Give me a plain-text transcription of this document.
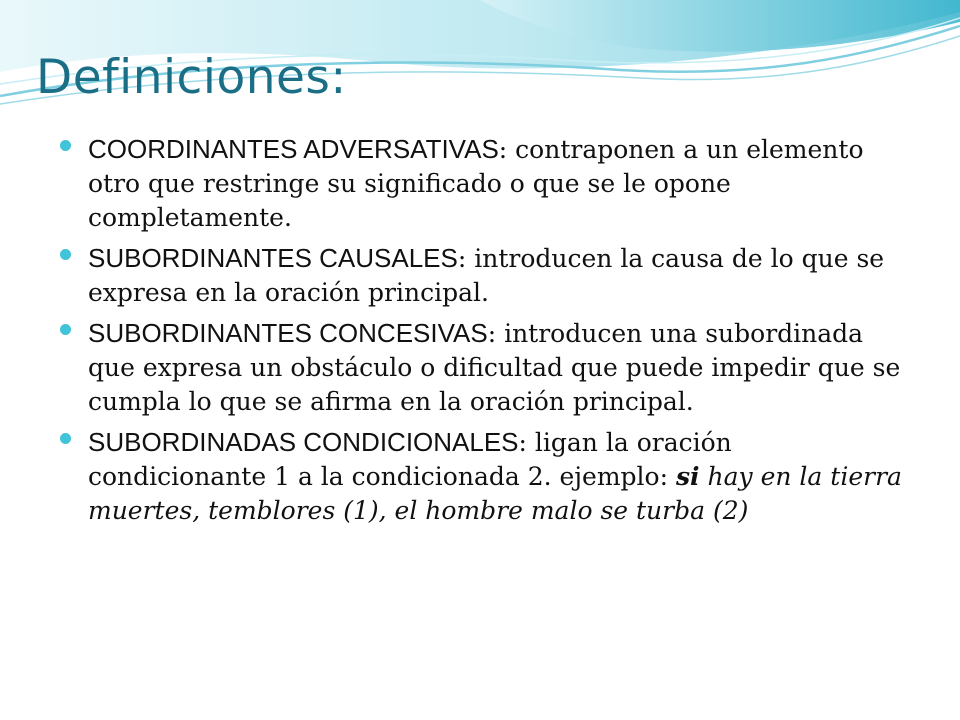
Definiciones:
COORDINANTES ADVERSATIVAS: contraponen a un elemento otro que restringe su significado o que se le opone completamente.
SUBORDINANTES CAUSALES: introducen la causa de lo que se expresa en la oración principal.
SUBORDINANTES CONCESIVAS: introducen una subordinada que expresa un obstáculo o dificultad que puede impedir que se cumpla lo que se afirma en la oración principal.
SUBORDINADAS CONDICIONALES: ligan la oración condicionante 1 a la condicionada 2. ejemplo: si hay en la tierra muertes, temblores (1), el hombre malo se turba (2)
